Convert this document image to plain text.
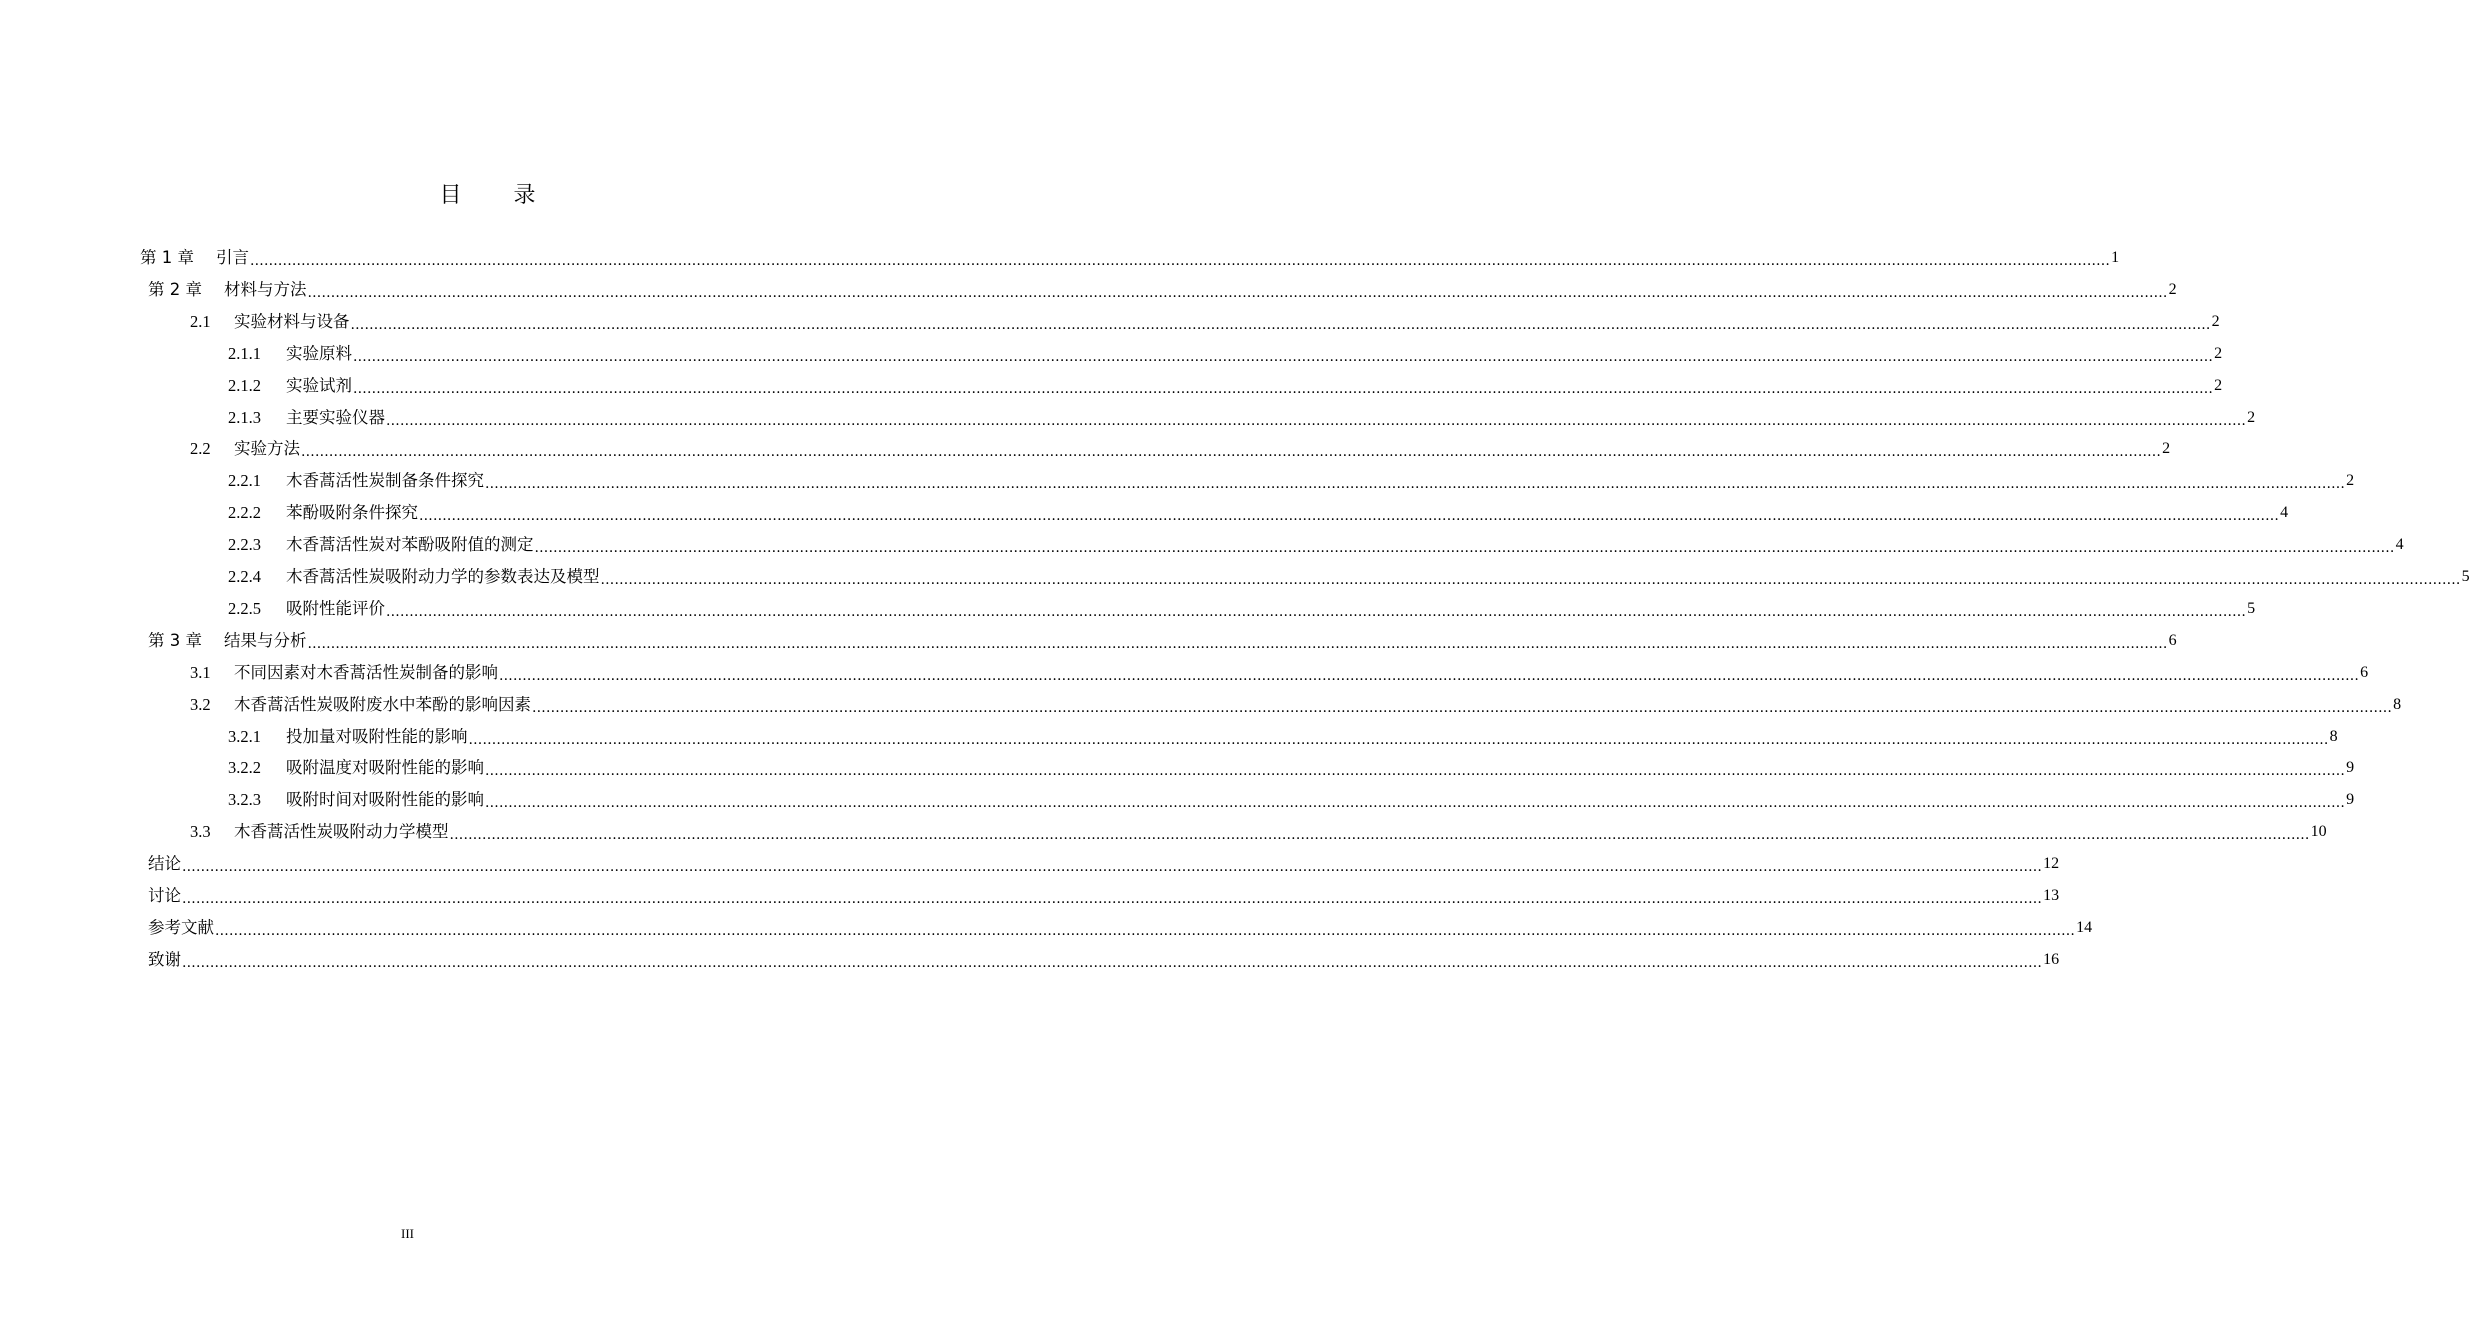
目 录
第 1 章 引言 ................................................................................................................................................................................................................................................................................................................................................................................................................ 1
第 2 章 材料与方法 ................................................................................................................................................................................................................................................................................................................................................................................................................ 2
2.1 实验材料与设备 ................................................................................................................................................................................................................................................................................................................................................................................................................ 2
2.1.1 实验原料 ................................................................................................................................................................................................................................................................................................................................................................................................................ 2
2.1.2 实验试剂 ................................................................................................................................................................................................................................................................................................................................................................................................................ 2
2.1.3 主要实验仪器 ................................................................................................................................................................................................................................................................................................................................................................................................................ 2
2.2 实验方法 ................................................................................................................................................................................................................................................................................................................................................................................................................ 2
2.2.1 木香蒿活性炭制备条件探究 ................................................................................................................................................................................................................................................................................................................................................................................................................ 2
2.2.2 苯酚吸附条件探究 ................................................................................................................................................................................................................................................................................................................................................................................................................ 4
2.2.3 木香蒿活性炭对苯酚吸附值的测定 ................................................................................................................................................................................................................................................................................................................................................................................................................ 4
2.2.4 木香蒿活性炭吸附动力学的参数表达及模型 ................................................................................................................................................................................................................................................................................................................................................................................................................ 5
2.2.5 吸附性能评价 ................................................................................................................................................................................................................................................................................................................................................................................................................ 5
第 3 章 结果与分析 ................................................................................................................................................................................................................................................................................................................................................................................................................ 6
3.1 不同因素对木香蒿活性炭制备的影响 ................................................................................................................................................................................................................................................................................................................................................................................................................ 6
3.2 木香蒿活性炭吸附废水中苯酚的影响因素 ................................................................................................................................................................................................................................................................................................................................................................................................................ 8
3.2.1 投加量对吸附性能的影响 ................................................................................................................................................................................................................................................................................................................................................................................................................ 8
3.2.2 吸附温度对吸附性能的影响 ................................................................................................................................................................................................................................................................................................................................................................................................................ 9
3.2.3 吸附时间对吸附性能的影响 ................................................................................................................................................................................................................................................................................................................................................................................................................ 9
3.3 木香蒿活性炭吸附动力学模型 ................................................................................................................................................................................................................................................................................................................................................................................................................ 10
结论 ................................................................................................................................................................................................................................................................................................................................................................................................................ 12
讨论 ................................................................................................................................................................................................................................................................................................................................................................................................................ 13
参考文献 ................................................................................................................................................................................................................................................................................................................................................................................................................ 14
致谢 ................................................................................................................................................................................................................................................................................................................................................................................................................ 16
III
